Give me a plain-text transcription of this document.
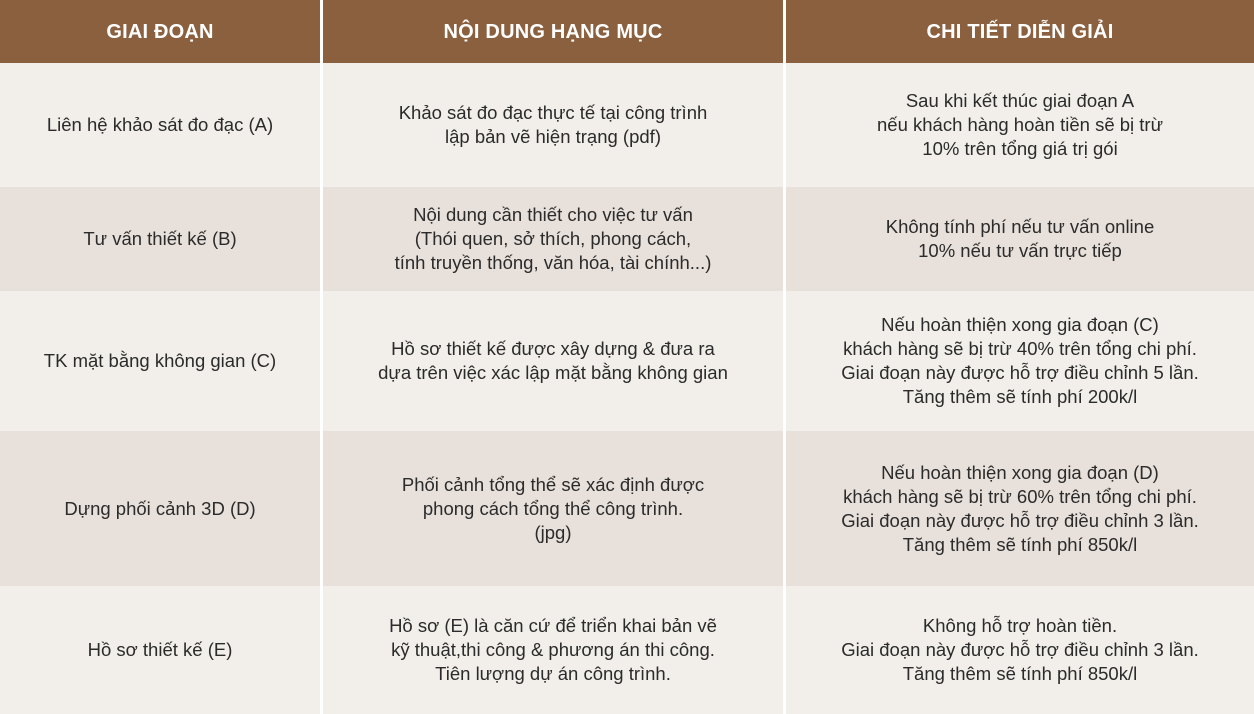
GIAI ĐOẠN	NỘI DUNG HẠNG MỤC	CHI TIẾT DIỄN GIẢI
Liên hệ khảo sát đo đạc (A)
Khảo sát đo đạc thực tế tại công trình
lập bản vẽ hiện trạng (pdf)
Sau khi kết thúc giai đoạn A
nếu khách hàng hoàn tiền sẽ bị trừ
10% trên tổng giá trị gói
Tư vấn thiết kế (B)
Nội dung cần thiết cho việc tư vấn
(Thói quen, sở thích, phong cách,
tính truyền thống, văn hóa, tài chính...)
Không tính phí nếu tư vấn online
10% nếu tư vấn trực tiếp
TK mặt bằng không gian (C)
Hồ sơ thiết kế được xây dựng & đưa ra
dựa trên việc xác lập mặt bằng không gian
Nếu hoàn thiện xong gia đoạn (C)
khách hàng sẽ bị trừ 40% trên tổng chi phí.
Giai đoạn này được hỗ trợ điều chỉnh 5 lần.
Tăng thêm sẽ tính phí 200k/l
Dựng phối cảnh 3D (D)
Phối cảnh tổng thể sẽ xác định được
phong cách tổng thể công trình.
(jpg)
Nếu hoàn thiện xong gia đoạn (D)
khách hàng sẽ bị trừ 60% trên tổng chi phí.
Giai đoạn này được hỗ trợ điều chỉnh 3 lần.
Tăng thêm sẽ tính phí 850k/l
Hồ sơ thiết kế (E)
Hồ sơ (E) là căn cứ để triển khai bản vẽ
kỹ thuật,thi công & phương án thi công.
Tiên lượng dự án công trình.
Không hỗ trợ hoàn tiền.
Giai đoạn này được hỗ trợ điều chỉnh 3 lần.
Tăng thêm sẽ tính phí 850k/l
